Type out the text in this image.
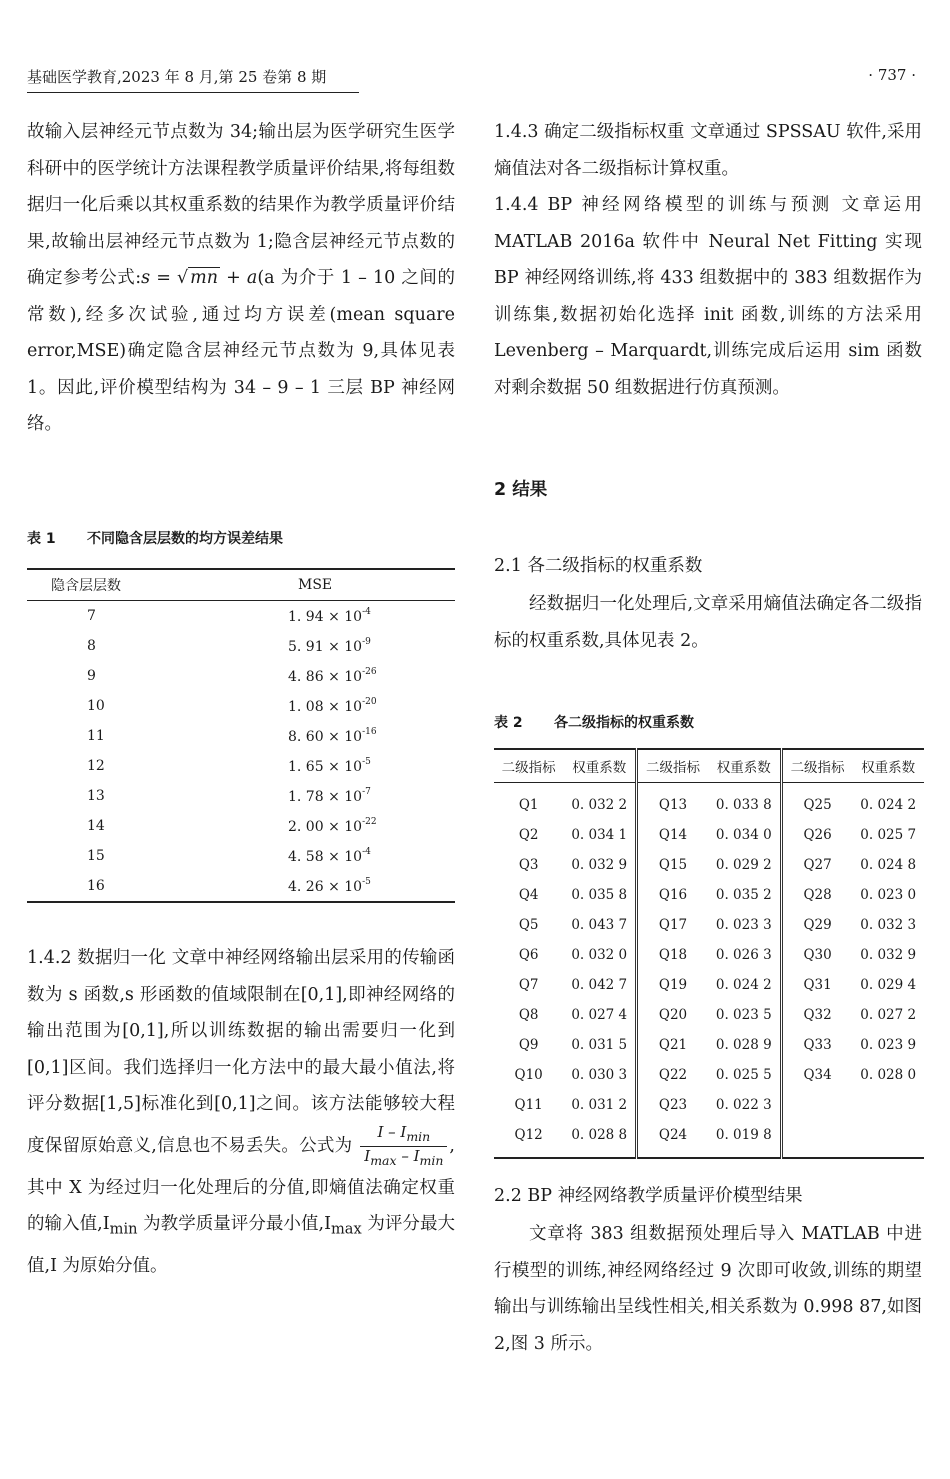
基础医学教育,2023 年 8 月,第 25 卷第 8 期	· 737 ·

故输入层神经元节点数为 34;输出层为医学研究生医学科研中的医学统计方法课程教学质量评价结果,将每组数据归一化后乘以其权重系数的结果作为教学质量评价结果,故输出层神经元节点数为 1;隐含层神经元节点数的确定参考公式:s = √ mn + a(a 为介于 1 – 10 之间的常数),经多次试验,通过均方误差(mean square error,MSE)确定隐含层神经元节点数为 9,具体见表 1。因此,评价模型结构为 34 – 9 – 1 三层 BP 神经网络。

表 1 不同隐含层层数的均方误差结果
隐含层层数	MSE
7	1. $94 \times 10^{-4}$
8	5. $91 \times 10^{-9}$
9	4. $86 \times 10^{-26}$
10	1. $08 \times 10^{-20}$
11	8. $60 \times 10^{-16}$
12	1. $65 \times 10^{-5}$
13	1. $78 \times 10^{-7}$
14	2. $00 \times 10^{-22}$
15	4. $58 \times 10^{-4}$
16	4. $26 \times 10^{-5}$

1.4.2 数据归一化 文章中神经网络输出层采用的传输函数为 s 函数,s 形函数的值域限制在[0,1],即神经网络的输出范围为[0,1],所以训练数据的输出需要归一化到[0,1]区间。我们选择归一化方法中的最大最小值法,将评分数据[1,5]标准化到[0,1]之间。该方法能够较大程度保留原始意义,信息也不易丢失。公式为 $\frac{I - I_{min}}{I_{max} - I_{min}}$ ,其中 X 为经过归一化处理后的分值,即熵值法确定权重的输入值$,I_{min}$ 为教学质量评分最小值$,I_{max}$ 为评分最大值,I 为原始分值。

1.4.3 确定二级指标权重 文章通过 SPSSAU 软件,采用熵值法对各二级指标计算权重。

1.4.4 BP 神经网络模型的训练与预测 文章运用 MATLAB 2016a 软件中 Neural Net Fitting 实现 BP 神经网络训练,将 433 组数据中的 383 组数据作为训练集,数据初始化选择 init 函数,训练的方法采用 Levenberg – Marquardt,训练完成后运用 sim 函数对剩余数据 50 组数据进行仿真预测。

2 结果
2.1 各二级指标的权重系数

经数据归一化处理后,文章采用熵值法确定各二级指标的权重系数,具体见表 2。

表 2 各二级指标的权重系数
二级指标	权重系数	二级指标	权重系数	二级指标	权重系数
Q1	0. 032 2	Q13	0. 033 8	Q25	0. 024 2
Q2	0. 034 1	Q14	0. 034 0	Q26	0. 025 7
Q3	0. 032 9	Q15	0. 029 2	Q27	0. 024 8
Q4	0. 035 8	Q16	0. 035 2	Q28	0. 023 0
Q5	0. 043 7	Q17	0. 023 3	Q29	0. 032 3
Q6	0. 032 0	Q18	0. 026 3	Q30	0. 032 9
Q7	0. 042 7	Q19	0. 024 2	Q31	0. 029 4
Q8	0. 027 4	Q20	0. 023 5	Q32	0. 027 2
Q9	0. 031 5	Q21	0. 028 9	Q33	0. 023 9
Q10	0. 030 3	Q22	0. 025 5	Q34	0. 028 0
Q11	0. 031 2	Q23	0. 022 3		
Q12	0. 028 8	Q24	0. 019 8		
2.2 BP 神经网络教学质量评价模型结果

文章将 383 组数据预处理后导入 MATLAB 中进行模型的训练,神经网络经过 9 次即可收敛,训练的期望输出与训练输出呈线性相关,相关系数为 0.998 87,如图 2,图 3 所示。
